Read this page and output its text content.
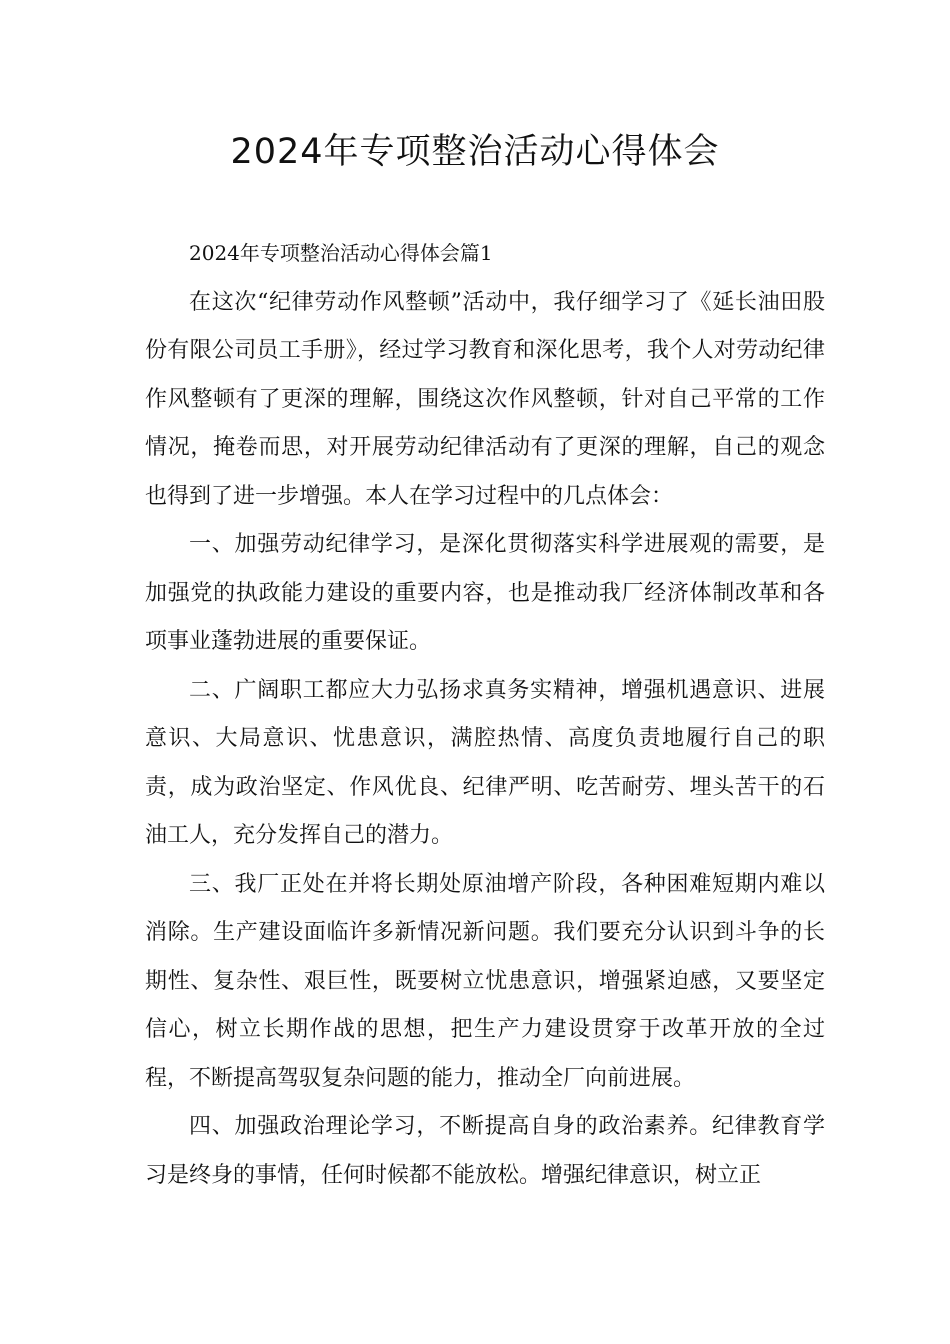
2024年专项整治活动心得体会

2024年专项整治活动心得体会篇1

在这次“纪律劳动作风整顿”活动中，我仔细学习了《延长油田股份有限公司员工手册》，经过学习教育和深化思考，我个人对劳动纪律作风整顿有了更深的理解，围绕这次作风整顿，针对自己平常的工作情况，掩卷而思，对开展劳动纪律活动有了更深的理解，自己的观念也得到了进一步增强。本人在学习过程中的几点体会：

一、加强劳动纪律学习，是深化贯彻落实科学进展观的需要，是加强党的执政能力建设的重要内容，也是推动我厂经济体制改革和各项事业蓬勃进展的重要保证。

二、广阔职工都应大力弘扬求真务实精神，增强机遇意识、进展意识、大局意识、忧患意识，满腔热情、高度负责地履行自己的职责，成为政治坚定、作风优良、纪律严明、吃苦耐劳、埋头苦干的石油工人，充分发挥自己的潜力。

三、我厂正处在并将长期处原油增产阶段，各种困难短期内难以消除。生产建设面临许多新情况新问题。我们要充分认识到斗争的长期性、复杂性、艰巨性，既要树立忧患意识，增强紧迫感，又要坚定信心，树立长期作战的思想，把生产力建设贯穿于改革开放的全过程，不断提高驾驭复杂问题的能力，推动全厂向前进展。

四、加强政治理论学习，不断提高自身的政治素养。纪律教育学习是终身的事情，任何时候都不能放松。增强纪律意识，树立正
